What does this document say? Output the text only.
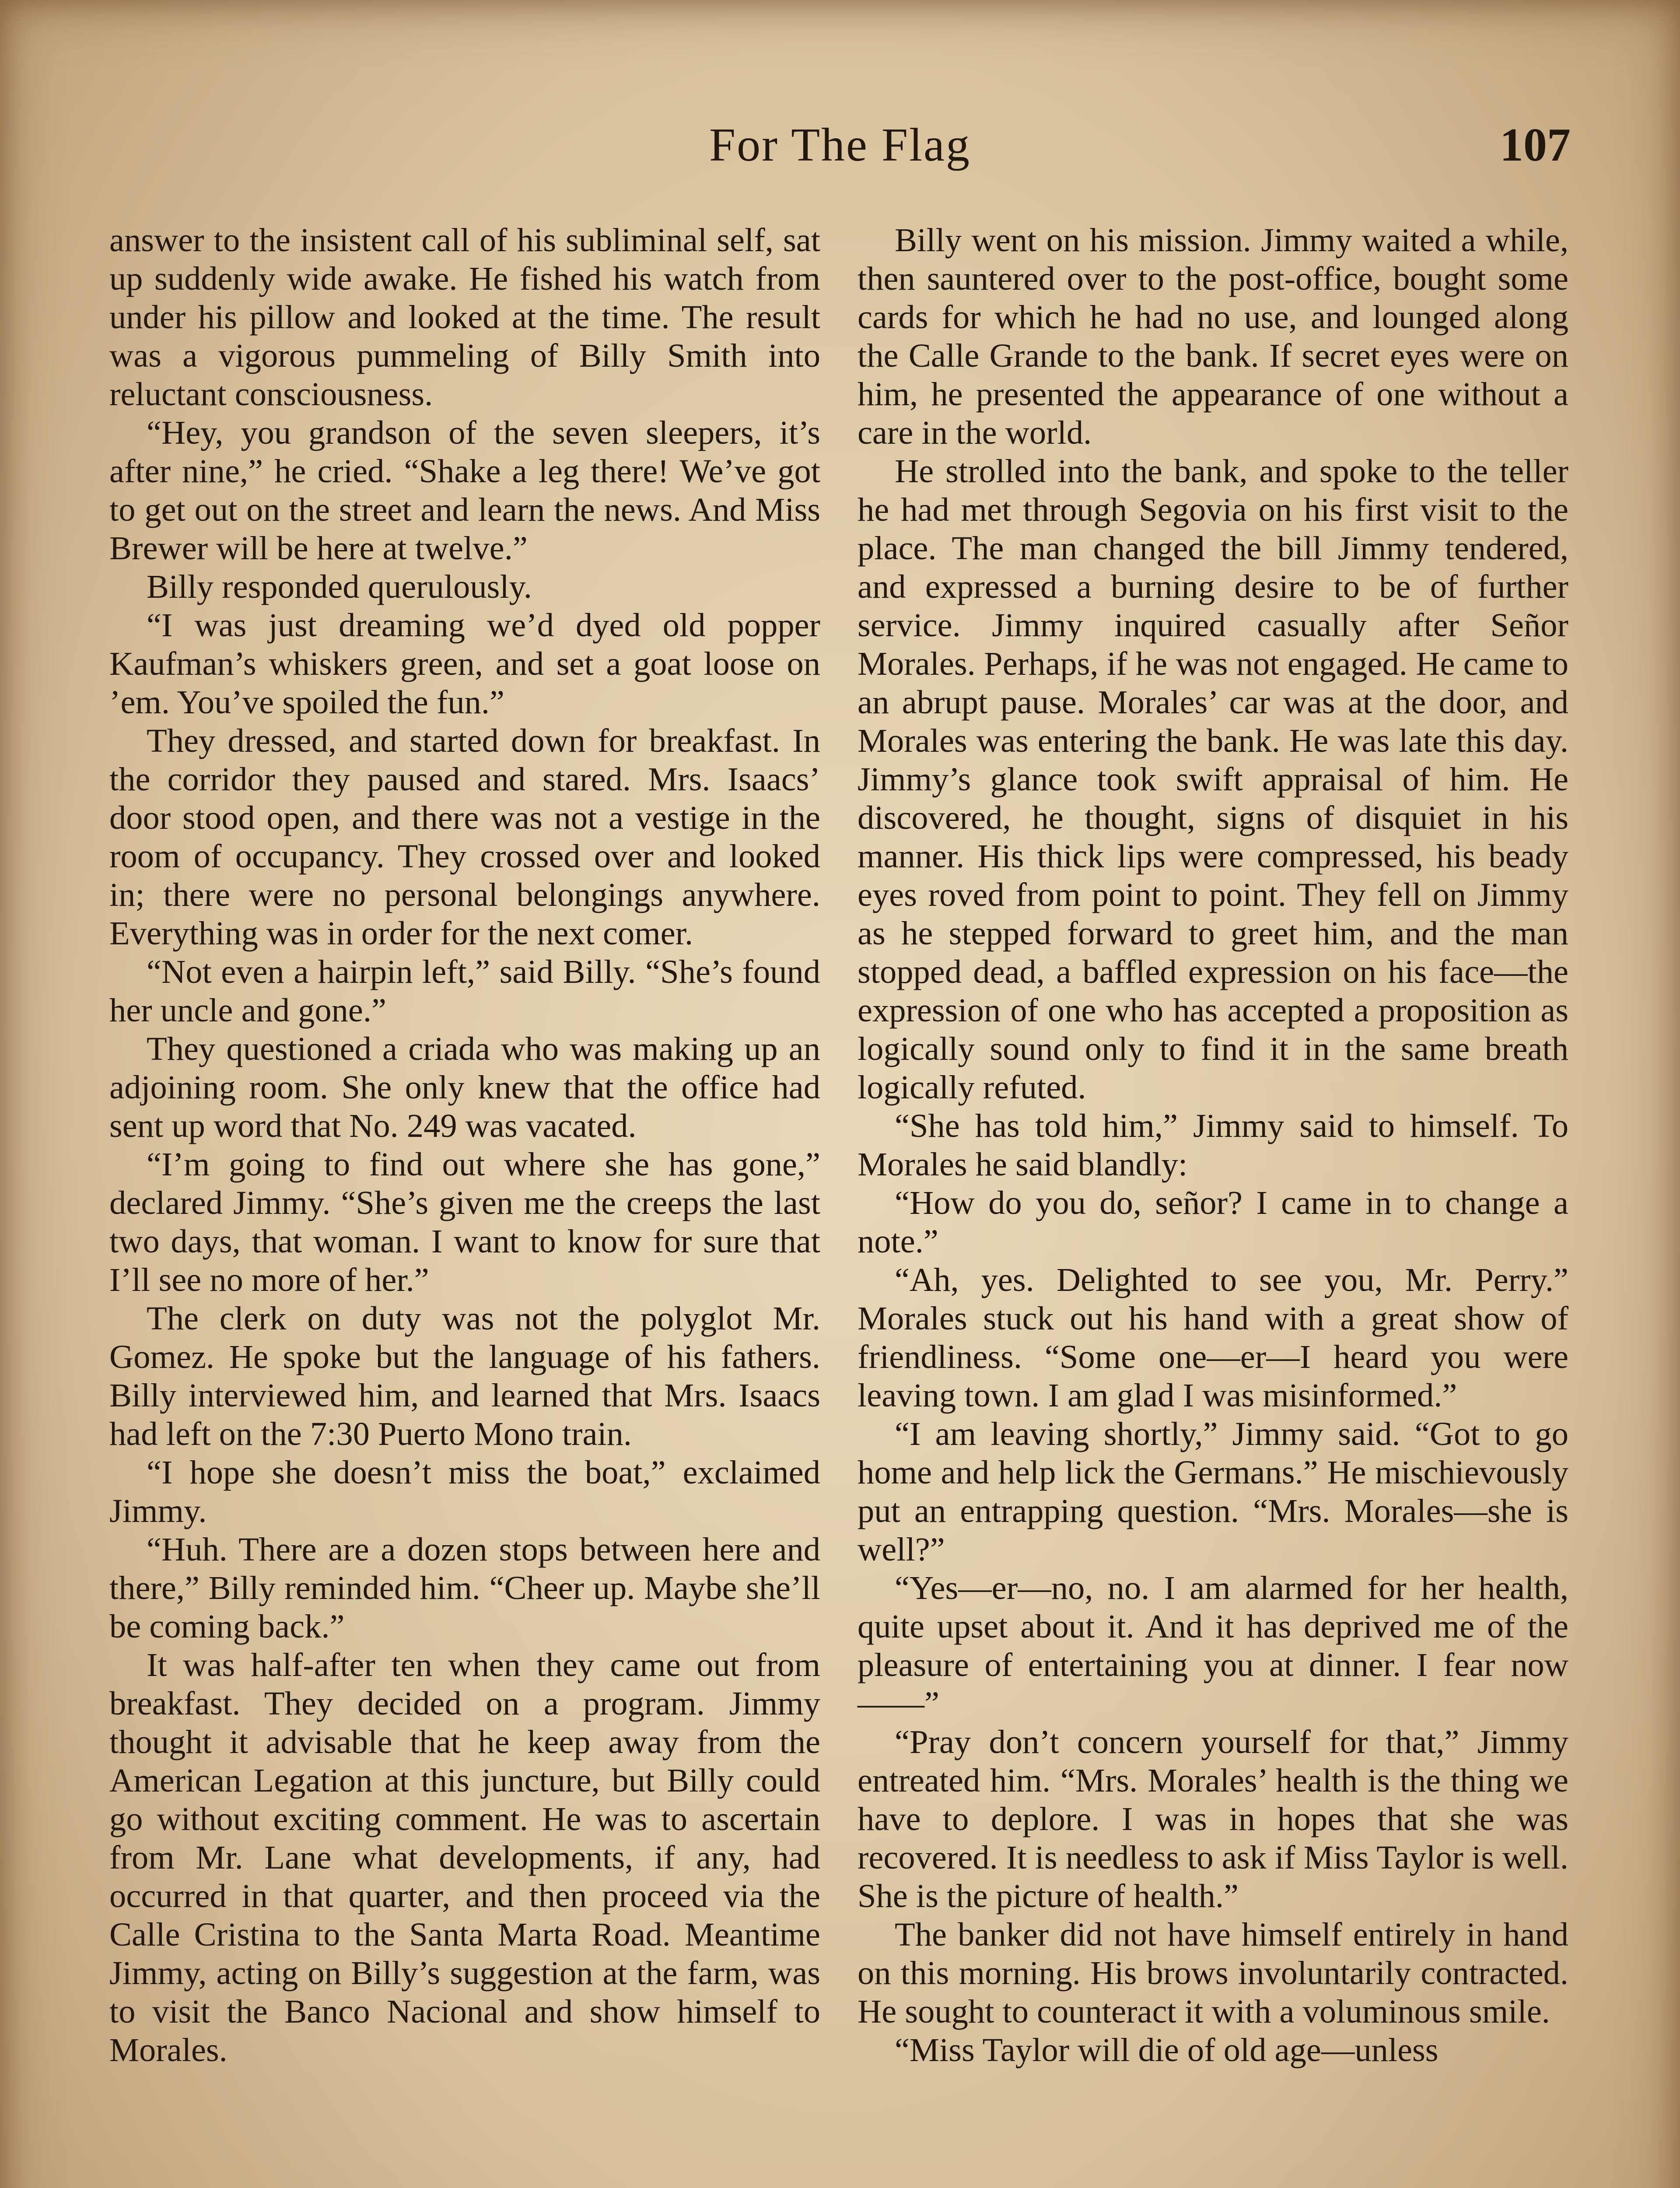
For The Flag	107

answer to the insistent call of his subliminal self, sat up suddenly wide awake. He fished his watch from under his pillow and looked at the time. The result was a vigorous pummeling of Billy Smith into reluctant consciousness.

“Hey, you grandson of the seven sleepers, it’s after nine,” he cried. “Shake a leg there! We’ve got to get out on the street and learn the news. And Miss Brewer will be here at twelve.”

Billy responded querulously.

“I was just dreaming we’d dyed old popper Kaufman’s whiskers green, and set a goat loose on ’em. You’ve spoiled the fun.”

They dressed, and started down for breakfast. In the corridor they paused and stared. Mrs. Isaacs’ door stood open, and there was not a vestige in the room of occupancy. They crossed over and looked in; there were no personal belongings anywhere. Everything was in order for the next comer.

“Not even a hairpin left,” said Billy. “She’s found her uncle and gone.”

They questioned a criada who was making up an adjoining room. She only knew that the office had sent up word that No. 249 was vacated.

“I’m going to find out where she has gone,” declared Jimmy. “She’s given me the creeps the last two days, that woman. I want to know for sure that I’ll see no more of her.”

The clerk on duty was not the polyglot Mr. Gomez. He spoke but the language of his fathers. Billy interviewed him, and learned that Mrs. Isaacs had left on the 7:30 Puerto Mono train.

“I hope she doesn’t miss the boat,” exclaimed Jimmy.

“Huh. There are a dozen stops between here and there,” Billy reminded him. “Cheer up. Maybe she’ll be coming back.”

It was half-after ten when they came out from breakfast. They decided on a program. Jimmy thought it advisable that he keep away from the American Legation at this juncture, but Billy could go without exciting comment. He was to ascertain from Mr. Lane what developments, if any, had occurred in that quarter, and then proceed via the Calle Cristina to the Santa Marta Road. Meantime Jimmy, acting on Billy’s suggestion at the farm, was to visit the Banco Nacional and show himself to Morales.

Billy went on his mission. Jimmy waited a while, then sauntered over to the post-office, bought some cards for which he had no use, and lounged along the Calle Grande to the bank. If secret eyes were on him, he presented the appearance of one without a care in the world.

He strolled into the bank, and spoke to the teller he had met through Segovia on his first visit to the place. The man changed the bill Jimmy tendered, and expressed a burning desire to be of further service. Jimmy inquired casually after Señor Morales. Perhaps, if he was not engaged. He came to an abrupt pause. Morales’ car was at the door, and Morales was entering the bank. He was late this day. Jimmy’s glance took swift appraisal of him. He discovered, he thought, signs of disquiet in his manner. His thick lips were compressed, his beady eyes roved from point to point. They fell on Jimmy as he stepped forward to greet him, and the man stopped dead, a baffled expression on his face—the expression of one who has accepted a proposition as logically sound only to find it in the same breath logically refuted.

“She has told him,” Jimmy said to himself. To Morales he said blandly:

“How do you do, señor? I came in to change a note.”

“Ah, yes. Delighted to see you, Mr. Perry.” Morales stuck out his hand with a great show of friendliness. “Some one—er—I heard you were leaving town. I am glad I was misinformed.”

“I am leaving shortly,” Jimmy said. “Got to go home and help lick the Germans.” He mischievously put an entrapping question. “Mrs. Morales—she is well?”

“Yes—er—no, no. I am alarmed for her health, quite upset about it. And it has deprived me of the pleasure of entertaining you at dinner. I fear now——”

“Pray don’t concern yourself for that,” Jimmy entreated him. “Mrs. Morales’ health is the thing we have to deplore. I was in hopes that she was recovered. It is needless to ask if Miss Taylor is well. She is the picture of health.”

The banker did not have himself entirely in hand on this morning. His brows involuntarily contracted. He sought to counteract it with a voluminous smile.

“Miss Taylor will die of old age—unless
